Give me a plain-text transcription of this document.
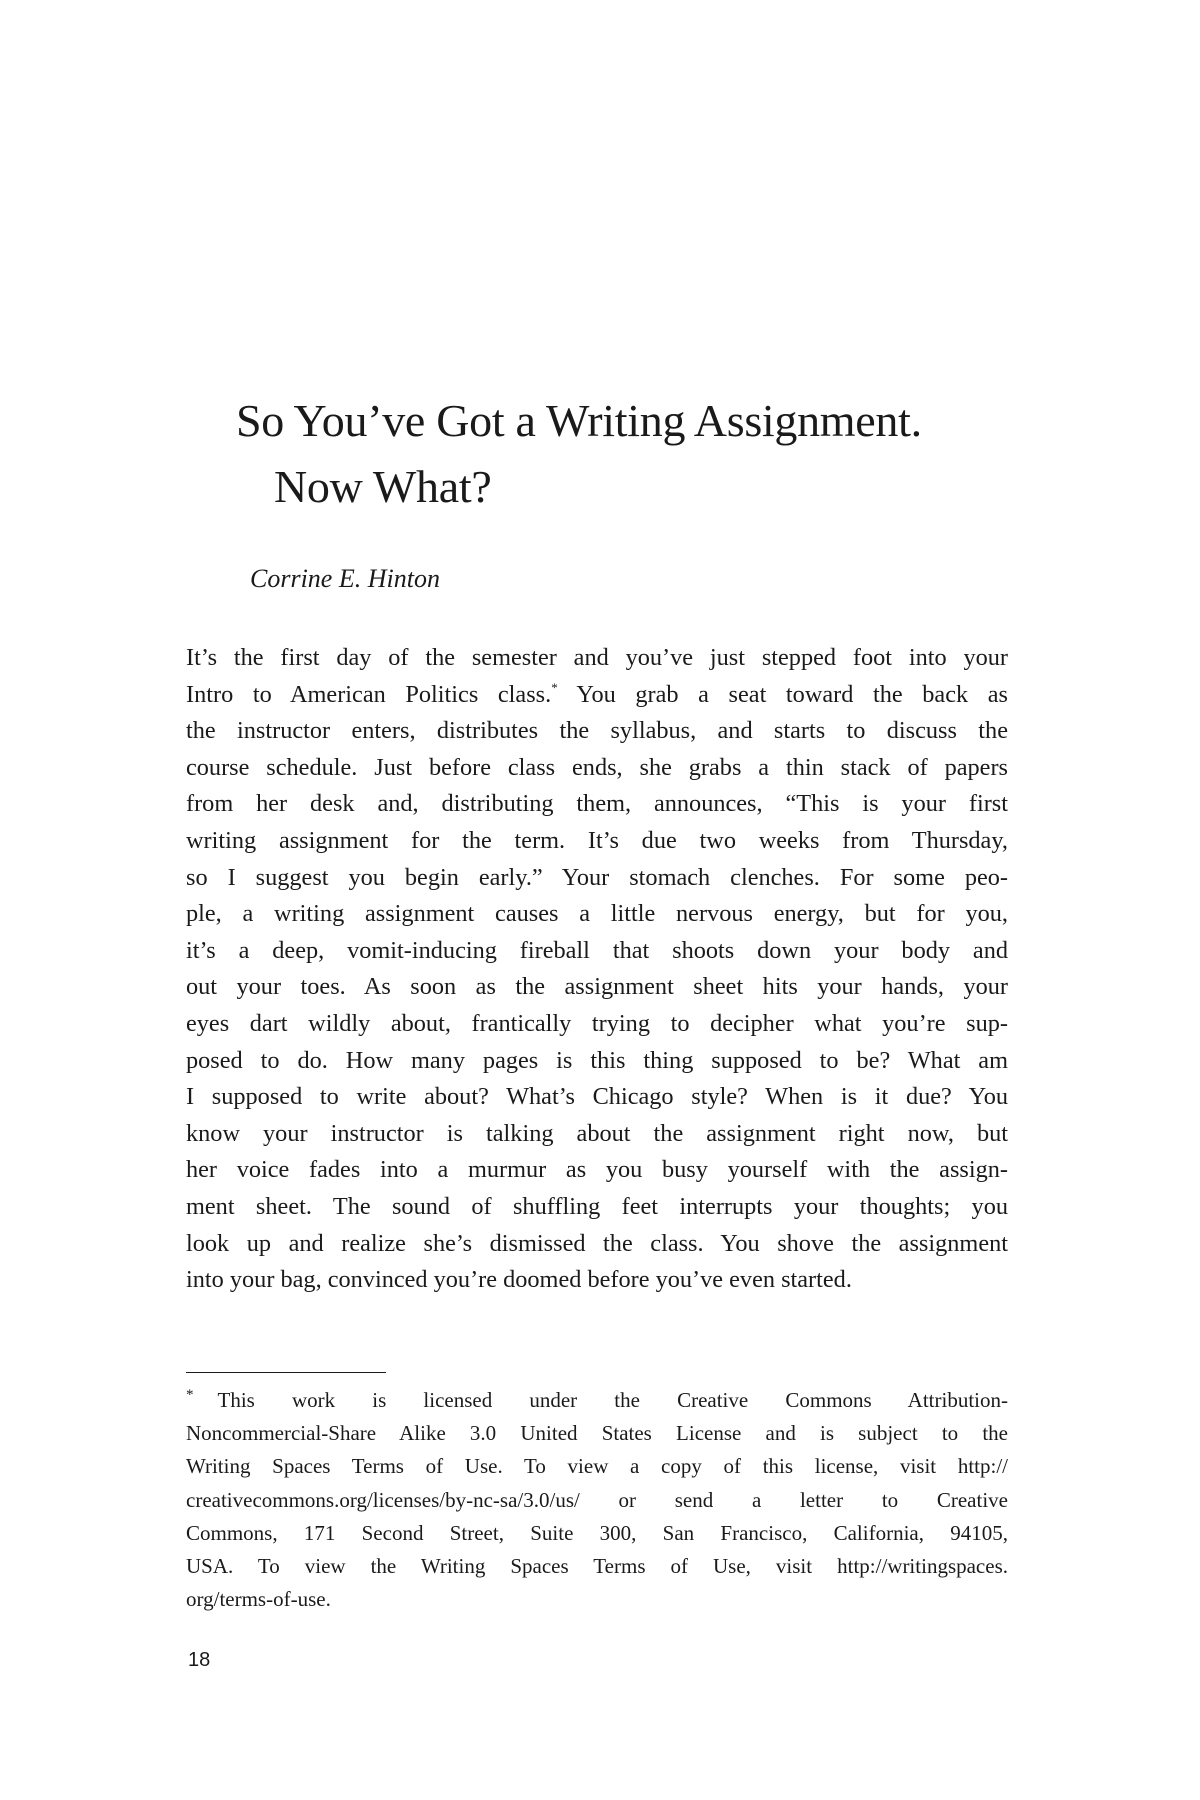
So You’ve Got a Writing Assignment.
Now What?

Corrine E. Hinton

It’s the first day of the semester and you’ve just stepped foot into your
Intro to American Politics class.* You grab a seat toward the back as
the instructor enters, distributes the syllabus, and starts to discuss the
course schedule. Just before class ends, she grabs a thin stack of papers
from her desk and, distributing them, announces, “This is your first
writing assignment for the term. It’s due two weeks from Thursday,
so I suggest you begin early.” Your stomach clenches. For some peo-
ple, a writing assignment causes a little nervous energy, but for you,
it’s a deep, vomit-inducing fireball that shoots down your body and
out your toes. As soon as the assignment sheet hits your hands, your
eyes dart wildly about, frantically trying to decipher what you’re sup-
posed to do. How many pages is this thing supposed to be? What am
I supposed to write about? What’s Chicago style? When is it due? You
know your instructor is talking about the assignment right now, but
her voice fades into a murmur as you busy yourself with the assign-
ment sheet. The sound of shuffling feet interrupts your thoughts; you
look up and realize she’s dismissed the class. You shove the assignment
into your bag, convinced you’re doomed before you’ve even started.
* This work is licensed under the Creative Commons Attribution-
Noncommercial-Share Alike 3.0 United States License and is subject to the
Writing Spaces Terms of Use. To view a copy of this license, visit http://
creativecommons.org/licenses/by-nc-sa/3.0/us/ or send a letter to Creative
Commons, 171 Second Street, Suite 300, San Francisco, California, 94105,
USA. To view the Writing Spaces Terms of Use, visit http://writingspaces.
org/terms-of-use.

18
